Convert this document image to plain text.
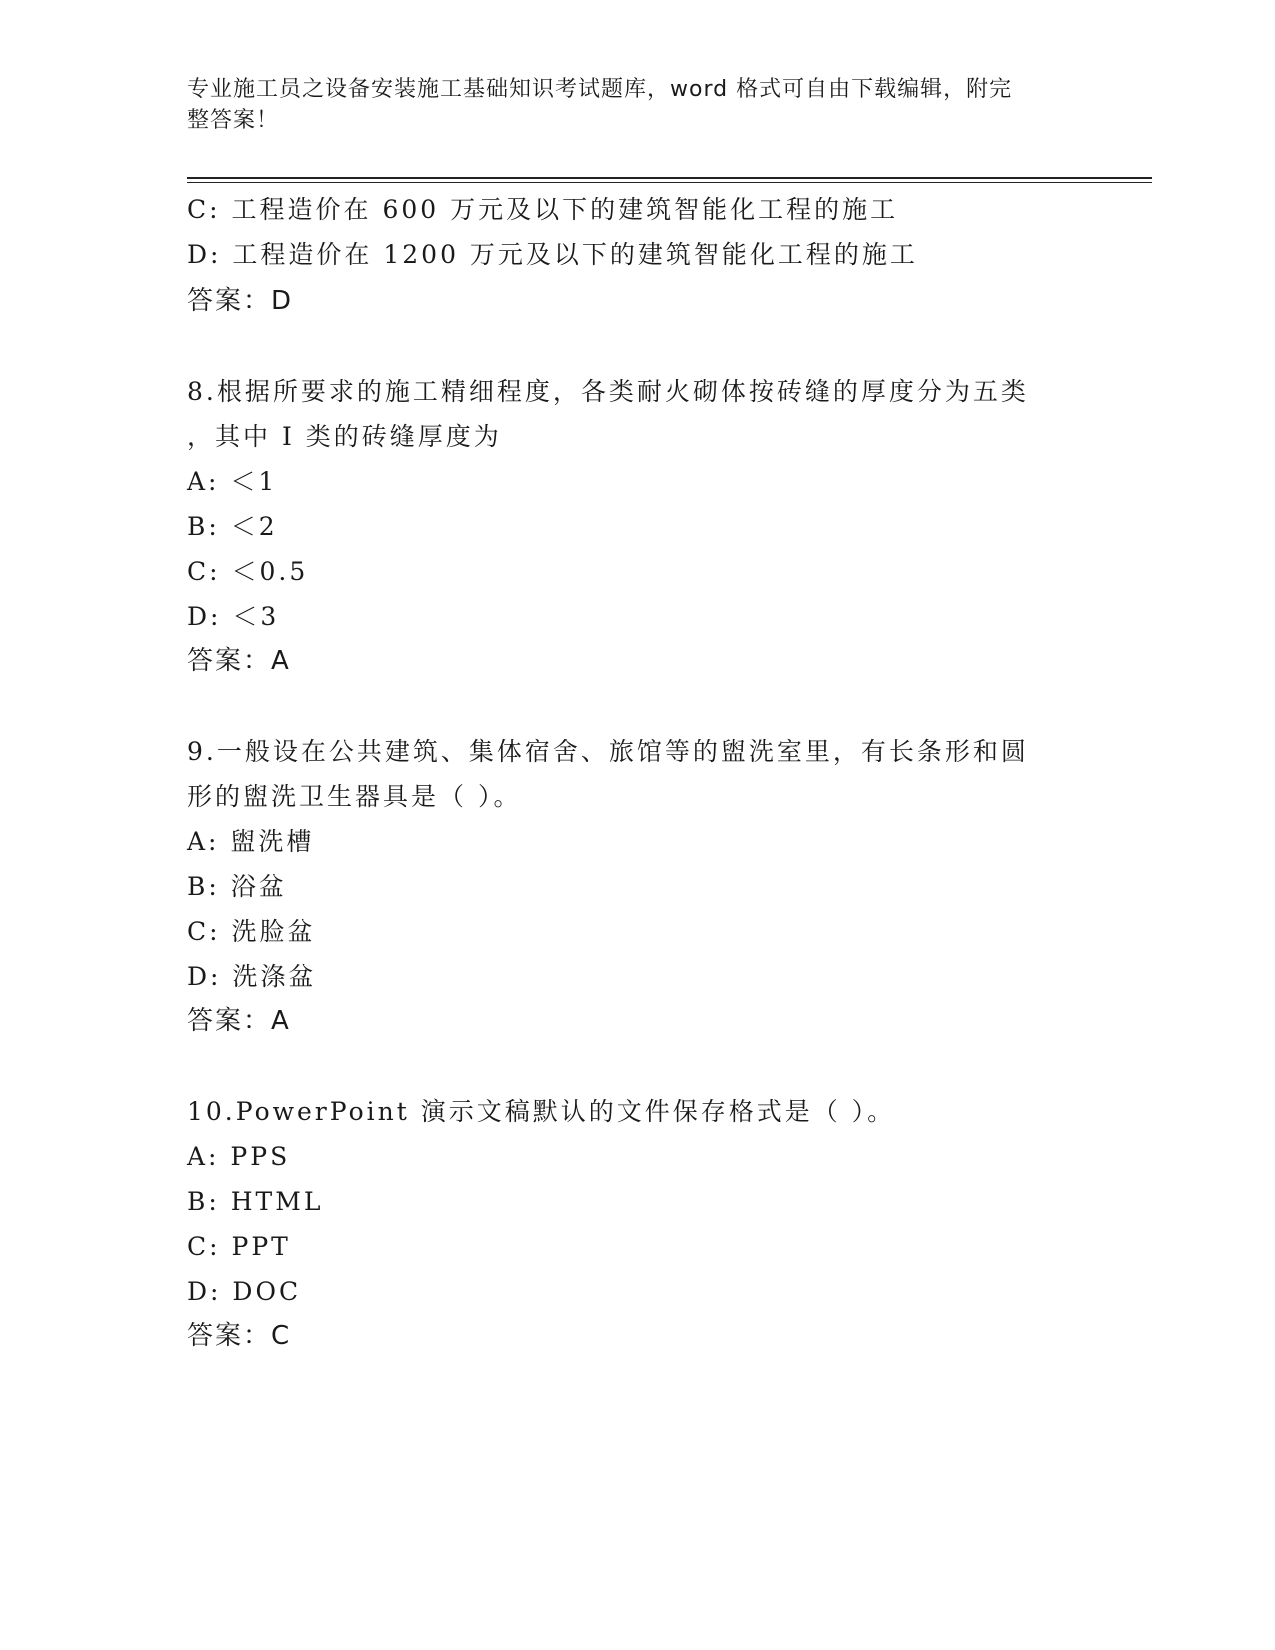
专业施工员之设备安装施工基础知识考试题库，word 格式可自由下载编辑，附完
整答案！
C: 工程造价在 600 万元及以下的建筑智能化工程的施工
D: 工程造价在 1200 万元及以下的建筑智能化工程的施工
答案：D
8.根据所要求的施工精细程度，各类耐火砌体按砖缝的厚度分为五类
，其中 I 类的砖缝厚度为
A: ＜1
B: ＜2
C: ＜0.5
D: ＜3
答案：A
9.一般设在公共建筑、集体宿舍、旅馆等的盥洗室里，有长条形和圆
形的盥洗卫生器具是（ ）。
A: 盥洗槽
B: 浴盆
C: 洗脸盆
D: 洗涤盆
答案：A
10.PowerPoint 演示文稿默认的文件保存格式是（ ）。
A: PPS
B: HTML
C: PPT
D: DOC
答案：C
